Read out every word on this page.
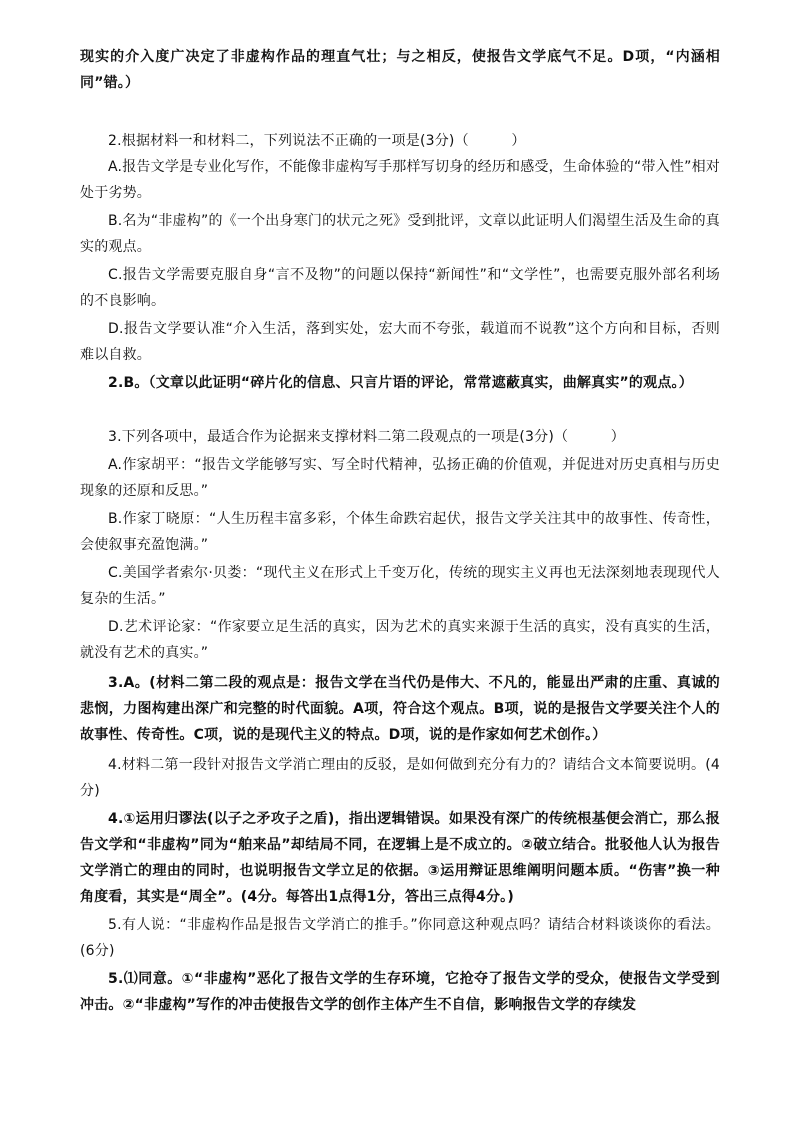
现实的介入度广决定了非虚构作品的理直气壮；与之相反，使报告文学底气不足。D项，“内涵相同”错。）

2.根据材料一和材料二，下列说法不正确的一项是(3分)（　　　）

A.报告文学是专业化写作，不能像非虚构写手那样写切身的经历和感受，生命体验的“带入性”相对处于劣势。

B.名为“非虚构”的《一个出身寒门的状元之死》受到批评，文章以此证明人们渴望生活及生命的真实的观点。

C.报告文学需要克服自身“言不及物”的问题以保持“新闻性”和“文学性”，也需要克服外部名利场的不良影响。

D.报告文学要认准“介入生活，落到实处，宏大而不夸张，载道而不说教”这个方向和目标，否则难以自救。

2.B。（文章以此证明“碎片化的信息、只言片语的评论，常常遮蔽真实，曲解真实”的观点。）

3.下列各项中，最适合作为论据来支撑材料二第二段观点的一项是(3分)（　　　）

A.作家胡平：“报告文学能够写实、写全时代精神，弘扬正确的价值观，并促进对历史真相与历史现象的还原和反思。”

B.作家丁晓原：“人生历程丰富多彩，个体生命跌宕起伏，报告文学关注其中的故事性、传奇性，会使叙事充盈饱满。”

C.美国学者索尔·贝娄：“现代主义在形式上千变万化，传统的现实主义再也无法深刻地表现现代人复杂的生活。”

D.艺术评论家：“作家要立足生活的真实，因为艺术的真实来源于生活的真实，没有真实的生活，就没有艺术的真实。”

3.A。(材料二第二段的观点是：报告文学在当代仍是伟大、不凡的，能显出严肃的庄重、真诚的悲悯，力图构建出深广和完整的时代面貌。A项，符合这个观点。B项，说的是报告文学要关注个人的故事性、传奇性。C项，说的是现代主义的特点。D项，说的是作家如何艺术创作。）

4.材料二第一段针对报告文学消亡理由的反驳，是如何做到充分有力的？请结合文本简要说明。(4分)

4.①运用归谬法(以子之矛攻子之盾)，指出逻辑错误。如果没有深广的传统根基便会消亡，那么报告文学和“非虚构”同为“舶来品”却结局不同，在逻辑上是不成立的。②破立结合。批驳他人认为报告文学消亡的理由的同时，也说明报告文学立足的依据。③运用辩证思维阐明问题本质。“伤害”换一种角度看，其实是“周全”。(4分。每答出1点得1分，答出三点得4分。)

5.有人说：“非虚构作品是报告文学消亡的推手。”你同意这种观点吗？请结合材料谈谈你的看法。(6分)

5.⑴同意。①“非虚构”恶化了报告文学的生存环境，它抢夺了报告文学的受众，使报告文学受到冲击。②“非虚构”写作的冲击使报告文学的创作主体产生不自信，影响报告文学的存续发
